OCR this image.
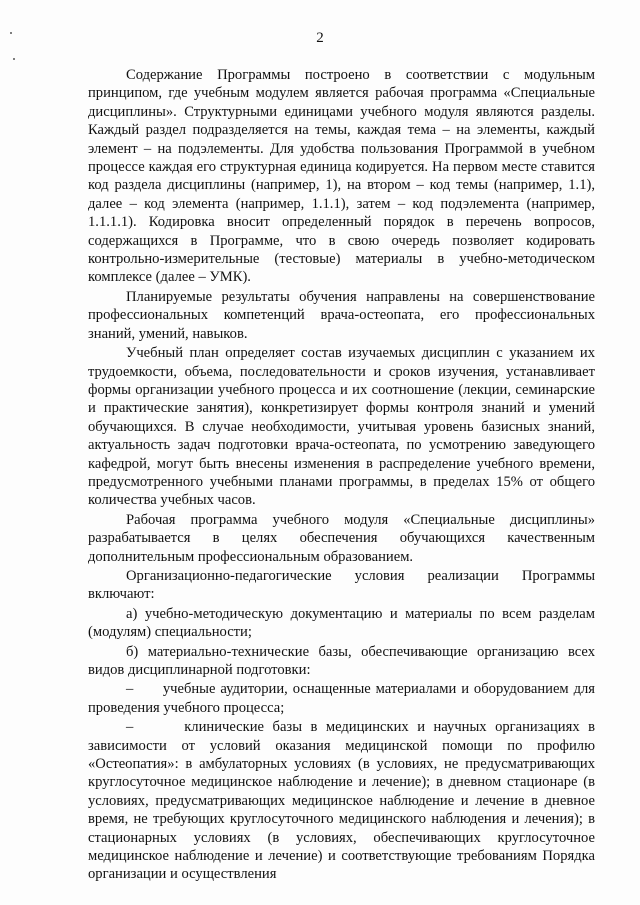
2

Содержание Программы построено в соответствии с модульным принципом, где учебным модулем является рабочая программа «Специальные дисциплины». Структурными единицами учебного модуля являются разделы. Каждый раздел подразделяется на темы, каждая тема – на элементы, каждый элемент – на подэлементы. Для удобства пользования Программой в учебном процессе каждая его структурная единица кодируется. На первом месте ставится код раздела дисциплины (например, 1), на втором – код темы (например, 1.1), далее – код элемента (например, 1.1.1), затем – код подэлемента (например, 1.1.1.1). Кодировка вносит определенный порядок в перечень вопросов, содержащихся в Программе, что в свою очередь позволяет кодировать контрольно-измерительные (тестовые) материалы в учебно-методическом комплексе (далее – УМК).

Планируемые результаты обучения направлены на совершенствование профессиональных компетенций врача-остеопата, его профессиональных знаний, умений, навыков.

Учебный план определяет состав изучаемых дисциплин с указанием их трудоемкости, объема, последовательности и сроков изучения, устанавливает формы организации учебного процесса и их соотношение (лекции, семинарские и практические занятия), конкретизирует формы контроля знаний и умений обучающихся. В случае необходимости, учитывая уровень базисных знаний, актуальность задач подготовки врача-остеопата, по усмотрению заведующего кафедрой, могут быть внесены изменения в распределение учебного времени, предусмотренного учебными планами программы, в пределах 15% от общего количества учебных часов.

Рабочая программа учебного модуля «Специальные дисциплины» разрабатывается в целях обеспечения обучающихся качественным дополнительным профессиональным образованием.

Организационно-педагогические условия реализации Программы включают:

а) учебно-методическую документацию и материалы по всем разделам (модулям) специальности;

б) материально-технические базы, обеспечивающие организацию всех видов дисциплинарной подготовки:

–      учебные аудитории, оснащенные материалами и оборудованием для проведения учебного процесса;

–      клинические базы в медицинских и научных организациях в зависимости от условий оказания медицинской помощи по профилю «Остеопатия»: в амбулаторных условиях (в условиях, не предусматривающих круглосуточное медицинское наблюдение и лечение); в дневном стационаре (в условиях, предусматривающих медицинское наблюдение и лечение в дневное время, не требующих круглосуточного медицинского наблюдения и лечения); в стационарных условиях (в условиях, обеспечивающих круглосуточное медицинское наблюдение и лечение) и соответствующие требованиям Порядка организации и осуществления
